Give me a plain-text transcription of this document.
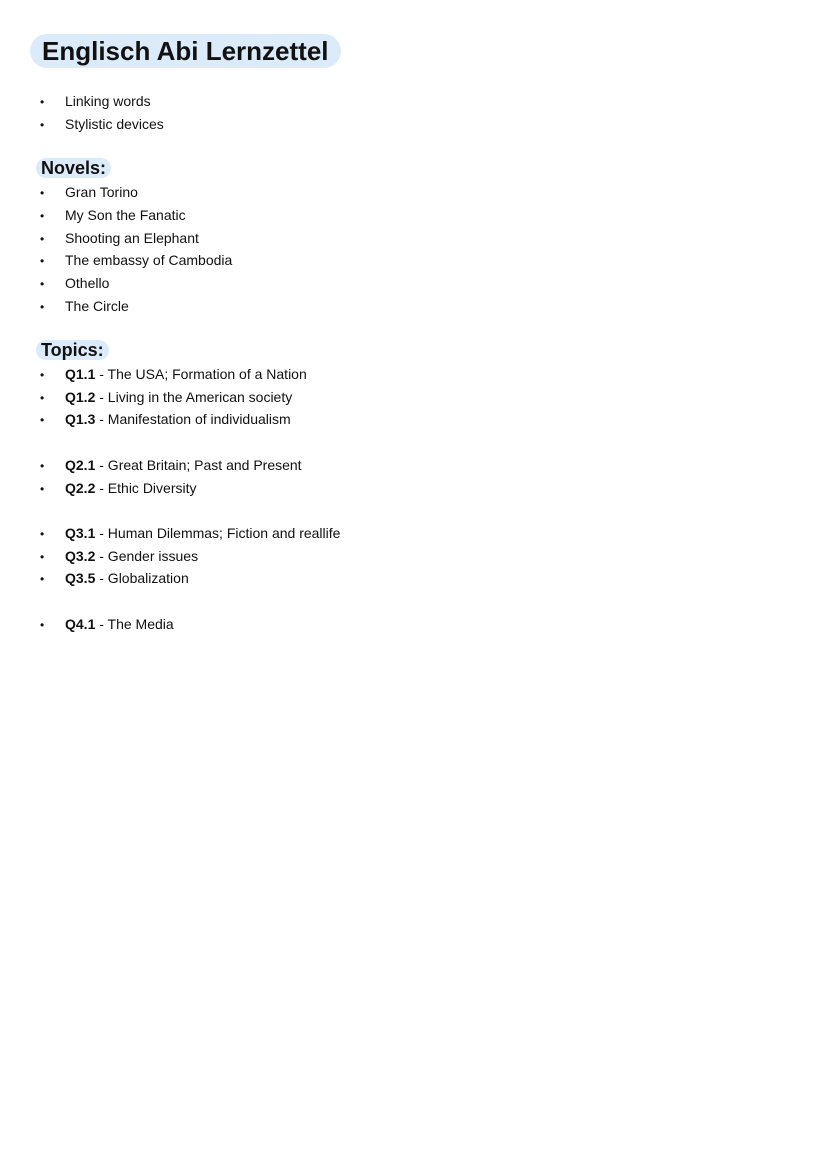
Englisch Abi Lernzettel
• Linking words
• Stylistic devices
Novels:
• Gran Torino
• My Son the Fanatic
• Shooting an Elephant
• The embassy of Cambodia
• Othello
• The Circle
Topics:
• Q1.1 - The USA; Formation of a Nation
• Q1.2 - Living in the American society
• Q1.3 - Manifestation of individualism
• Q2.1 - Great Britain; Past and Present
• Q2.2 - Ethic Diversity
• Q3.1 - Human Dilemmas; Fiction and reallife
• Q3.2 - Gender issues
• Q3.5 - Globalization
• Q4.1 - The Media
